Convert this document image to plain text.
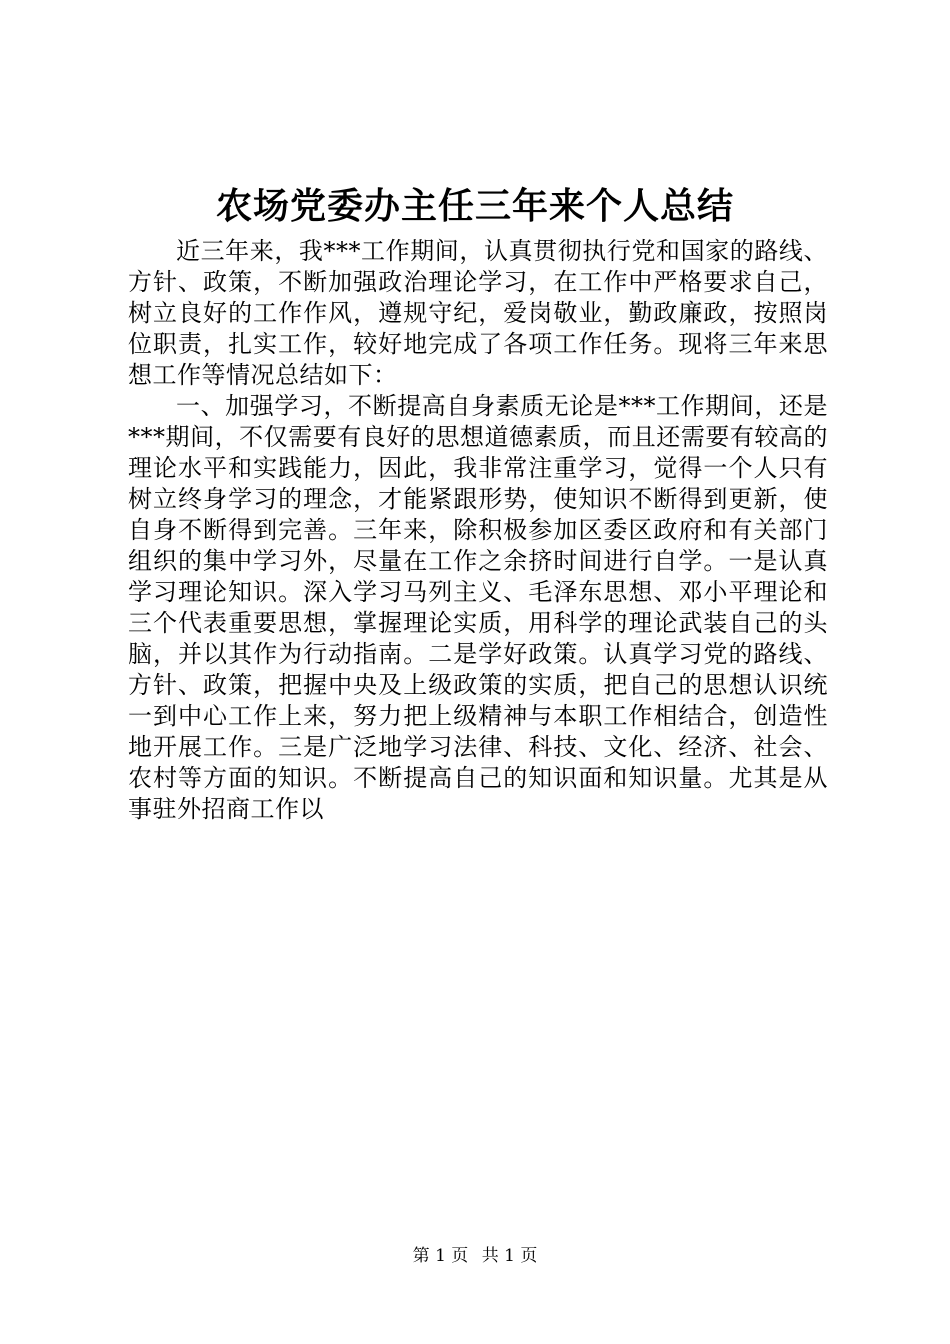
农场党委办主任三年来个人总结

近三年来，我***工作期间，认真贯彻执行党和国家的路线、方针、政策，不断加强政治理论学习，在工作中严格要求自己，树立良好的工作作风，遵规守纪，爱岗敬业，勤政廉政，按照岗位职责，扎实工作，较好地完成了各项工作任务。现将三年来思想工作等情况总结如下：

一、加强学习，不断提高自身素质无论是***工作期间，还是***期间，不仅需要有良好的思想道德素质，而且还需要有较高的理论水平和实践能力，因此，我非常注重学习，觉得一个人只有树立终身学习的理念，才能紧跟形势，使知识不断得到更新，使自身不断得到完善。三年来，除积极参加区委区政府和有关部门组织的集中学习外，尽量在工作之余挤时间进行自学。一是认真学习理论知识。深入学习马列主义、毛泽东思想、邓小平理论和三个代表重要思想，掌握理论实质，用科学的理论武装自己的头脑，并以其作为行动指南。二是学好政策。认真学习党的路线、方针、政策，把握中央及上级政策的实质，把自己的思想认识统一到中心工作上来，努力把上级精神与本职工作相结合，创造性地开展工作。三是广泛地学习法律、科技、文化、经济、社会、农村等方面的知识。不断提高自己的知识面和知识量。尤其是从事驻外招商工作以

第 1 页 共 1 页
